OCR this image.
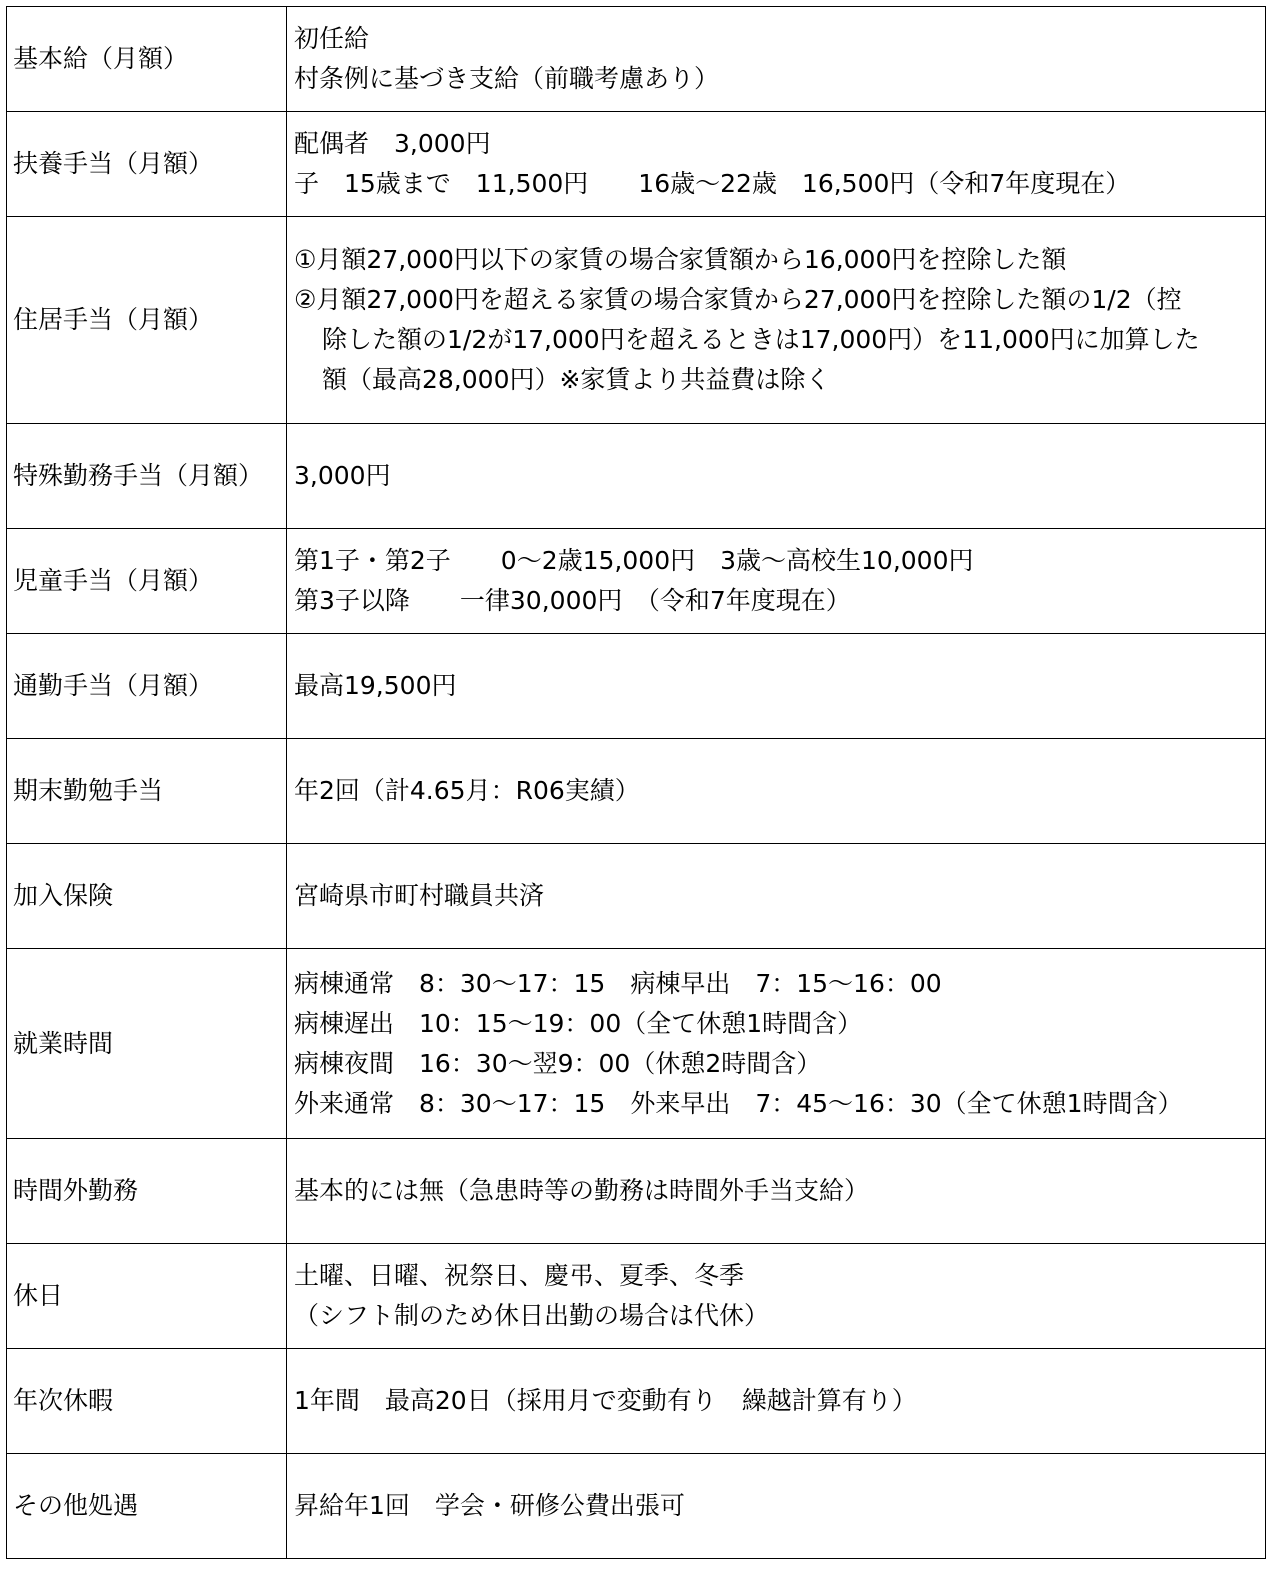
基本給（月額）	初任給
村条例に基づき支給（前職考慮あり）

扶養手当（月額）	配偶者　3,000円
子　15歳まで　11,500円　　16歳～22歳　16,500円（令和7年度現在）

住居手当（月額）	①月額27,000円以下の家賃の場合家賃額から16,000円を控除した額
②月額27,000円を超える家賃の場合家賃から27,000円を控除した額の1/2（控
除した額の1/2が17,000円を超えるときは17,000円）を11,000円に加算した
額（最高28,000円）※家賃より共益費は除く

特殊勤務手当（月額）	3,000円

児童手当（月額）	第1子・第2子　　0～2歳15,000円　3歳～高校生10,000円
第3子以降　　一律30,000円　（令和7年度現在）

通勤手当（月額）	最高19,500円

期末勤勉手当	年2回（計4.65月：R06実績）

加入保険	宮崎県市町村職員共済

就業時間	病棟通常　8：30～17：15　病棟早出　7：15～16：00
病棟遅出　10：15～19：00（全て休憩1時間含）
病棟夜間　16：30～翌9：00（休憩2時間含）
外来通常　8：30～17：15　外来早出　7：45～16：30（全て休憩1時間含）

時間外勤務	基本的には無（急患時等の勤務は時間外手当支給）

休日	土曜、日曜、祝祭日、慶弔、夏季、冬季
（シフト制のため休日出勤の場合は代休）

年次休暇	1年間　最高20日（採用月で変動有り　繰越計算有り）

その他処遇	昇給年1回　学会・研修公費出張可
